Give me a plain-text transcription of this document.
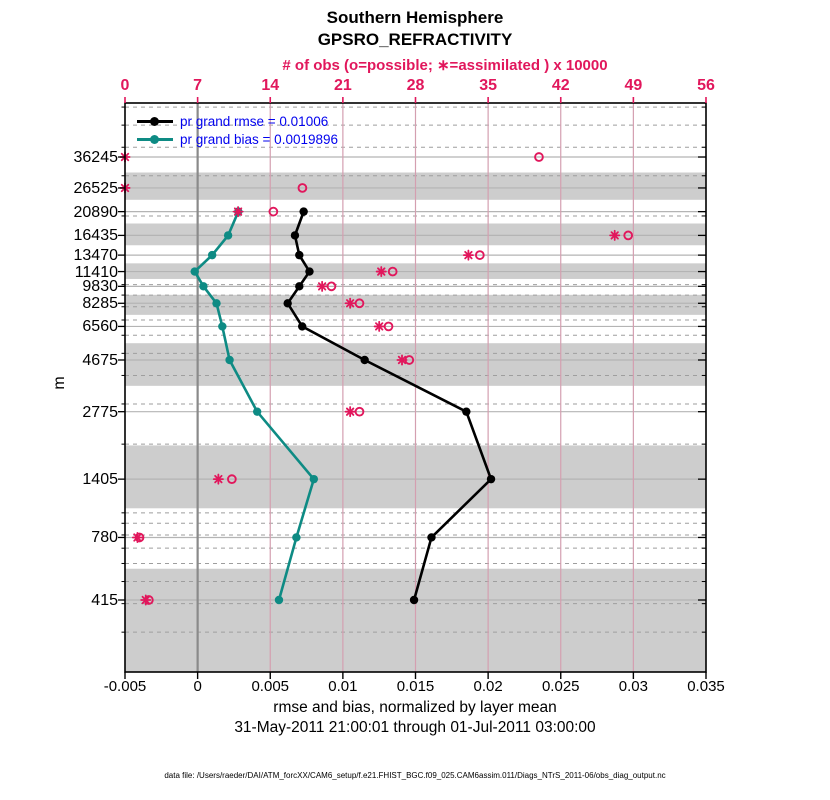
Southern Hemisphere
GPSRO_REFRACTIVITY
# of obs (o=possible; ∗=assimilated ) x 10000
m
rmse and bias, normalized by layer mean
31-May-2011 21:00:01 through 01-Jul-2011 03:00:00
pr grand rmse = 0.01006
pr grand bias = 0.0019896
data file: /Users/raeder/DAI/ATM_forcXX/CAM6_setup/f.e21.FHIST_BGC.f09_025.CAM6assim.011/Diags_NTrS_2011-06/obs_diag_output.nc
-0.005	0	0.005	0.01	0.015	0.02	0.025	0.03	0.035
0	7	14	21	28	35	42	49	56
36245
26525
20890
16435
13470
11410
9830
8285
6560
4675
2775
1405
780
415
